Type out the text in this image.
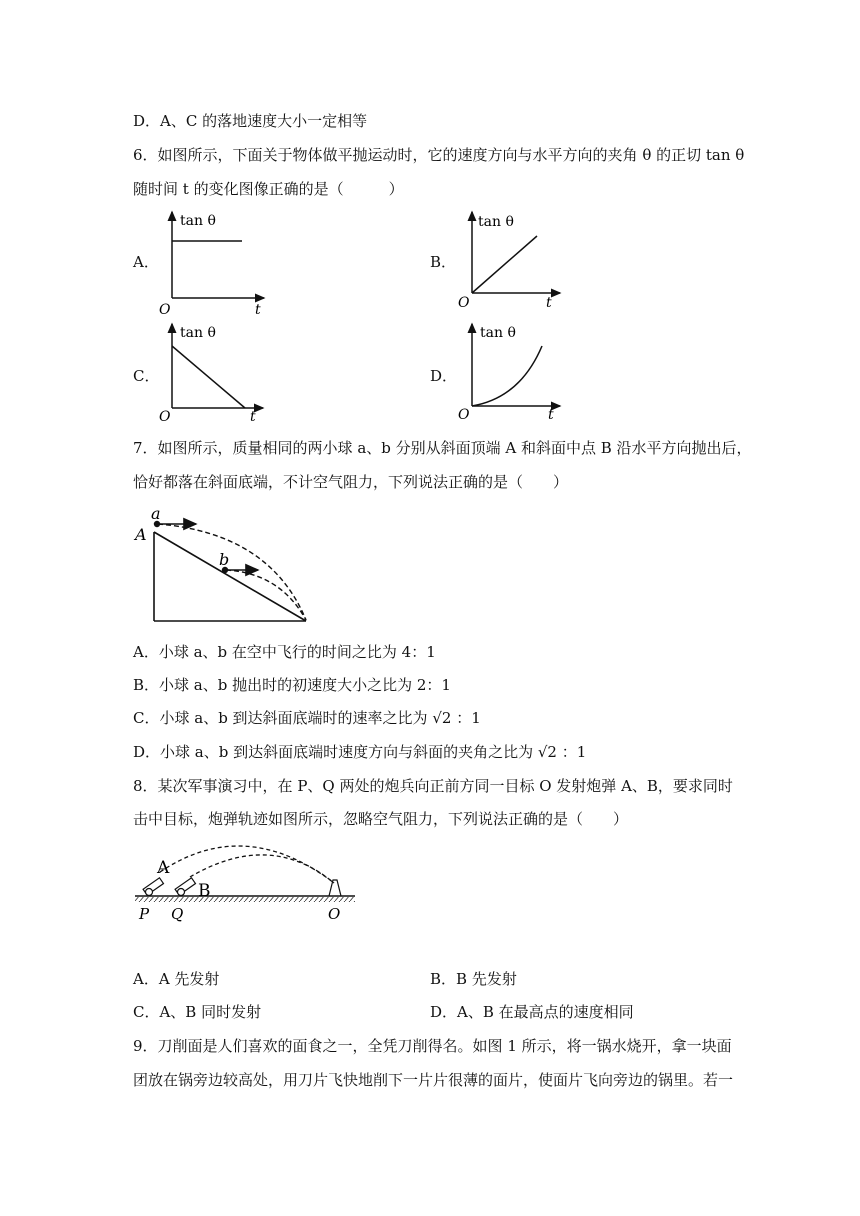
D．A、C 的落地速度大小一定相等
6．如图所示，下面关于物体做平抛运动时，它的速度方向与水平方向的夹角 θ 的正切 tan θ
随时间 t 的变化图像正确的是（　　　）
A．
tan θ
O	t
B．
tan θ
O	t
C．
tan θ
O	t
D．
tan θ
O	t
7．如图所示，质量相同的两小球 a、b 分别从斜面顶端 A 和斜面中点 B 沿水平方向抛出后，
恰好都落在斜面底端，不计空气阻力，下列说法正确的是（　　）
a
A
b
A．小球 a、b 在空中飞行的时间之比为 4：1
B．小球 a、b 抛出时的初速度大小之比为 2：1
C．小球 a、b 到达斜面底端时的速率之比为 √2 ：1
D．小球 a、b 到达斜面底端时速度方向与斜面的夹角之比为 √2 ：1
8．某次军事演习中，在 P、Q 两处的炮兵向正前方同一目标 O 发射炮弹 A、B，要求同时
击中目标，炮弹轨迹如图所示，忽略空气阻力，下列说法正确的是（　　）
A
B
P Q	O
A．A 先发射	B．B 先发射
C．A、B 同时发射	D．A、B 在最高点的速度相同
9．刀削面是人们喜欢的面食之一，全凭刀削得名。如图 1 所示，将一锅水烧开，拿一块面
团放在锅旁边较高处，用刀片飞快地削下一片片很薄的面片，使面片飞向旁边的锅里。若一
